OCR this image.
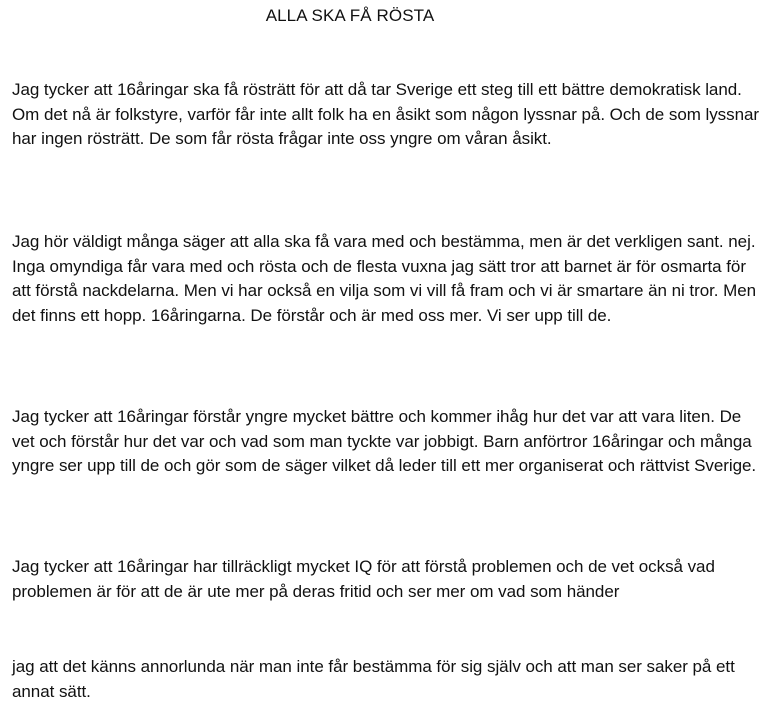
ALLA SKA FÅ RÖSTA

Jag tycker att 16åringar ska få rösträtt för att då tar Sverige ett steg till ett bättre demokratisk land. Om det nå är folkstyre, varför får inte allt folk ha en åsikt som någon lyssnar på. Och de som lyssnar har ingen rösträtt. De som får rösta frågar inte oss yngre om våran åsikt.

Jag hör väldigt många säger att alla ska få vara med och bestämma, men är det verkligen sant. nej. Inga omyndiga får vara med och rösta och de flesta vuxna jag sätt tror att barnet är för osmarta för att förstå nackdelarna. Men vi har också en vilja som vi vill få fram och vi är smartare än ni tror. Men det finns ett hopp. 16åringarna. De förstår och är med oss mer. Vi ser upp till de.

Jag tycker att 16åringar förstår yngre mycket bättre och kommer ihåg hur det var att vara liten. De vet och förstår hur det var och vad som man tyckte var jobbigt. Barn anförtror 16åringar och många yngre ser upp till de och gör som de säger vilket då leder till ett mer organiserat och rättvist Sverige.

Jag tycker att 16åringar har tillräckligt mycket IQ för att förstå problemen och de vet också vad problemen är för att de är ute mer på deras fritid och ser mer om vad som händer

jag att det känns annorlunda när man inte får bestämma för sig själv och att man ser saker på ett annat sätt.
